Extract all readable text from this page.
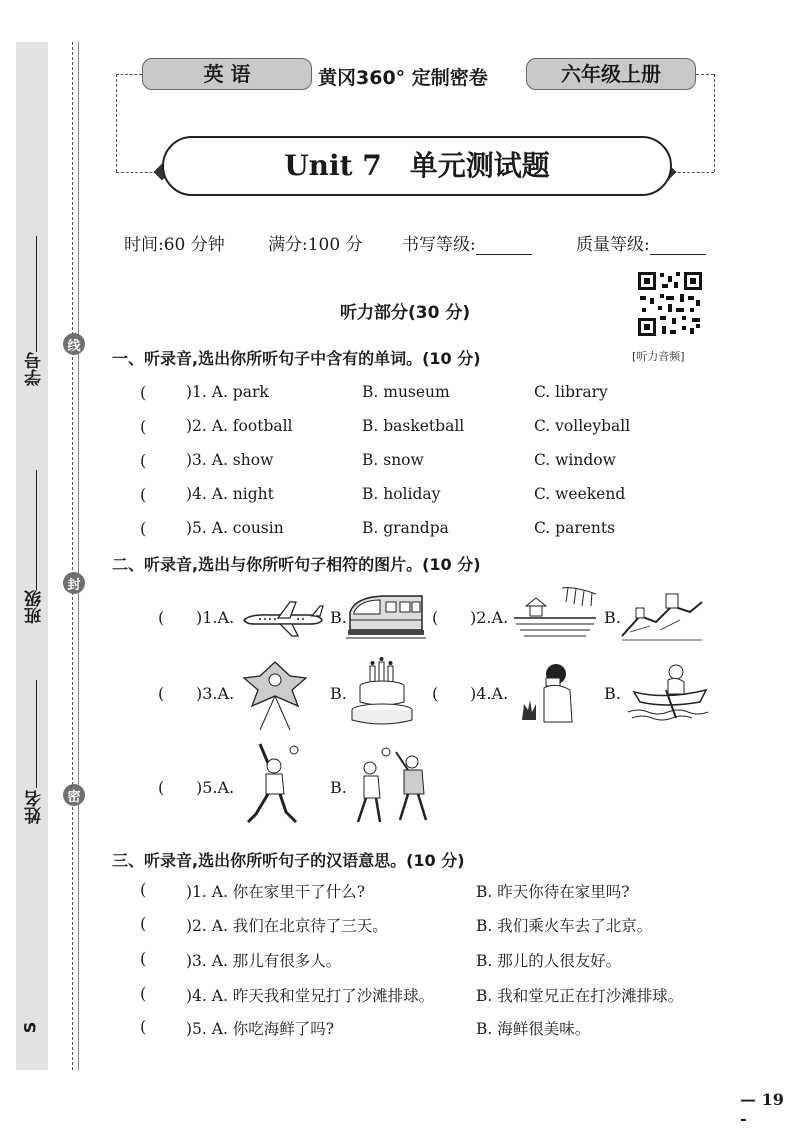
学号
班级
姓名
S
线
封
密
英 语	黄冈360° 定制密卷	六年级上册
Unit 7　单元测试题
时间:60 分钟	满分:100 分 书写等级:	质量等级:
听力部分(30 分)
[听力音频]
一、听录音,选出你所听句子中含有的单词。(10 分)
(	)1. A. park	B. museum	C. library
(	)2. A. football	B. basketball	C. volleyball
(	)3. A. show	B. snow	C. window
(	)4. A. night	B. holiday	C. weekend
(	)5. A. cousin	B. grandpa	C. parents
二、听录音,选出与你所听句子相符的图片。(10 分)
( )1.A.	B.	( )2.A.	B.
( )3.A.	B.	( )4.A.	B.
( )5.A.	B.
三、听录音,选出你所听句子的汉语意思。(10 分)
(	)1. A. 你在家里干了什么?	B. 昨天你待在家里吗?
(	)2. A. 我们在北京待了三天。	B. 我们乘火车去了北京。
(	)3. A. 那儿有很多人。	B. 那儿的人很友好。
(	)4. A. 昨天我和堂兄打了沙滩排球。	B. 我和堂兄正在打沙滩排球。
(	)5. A. 你吃海鲜了吗?	B. 海鲜很美味。
— 19 -
